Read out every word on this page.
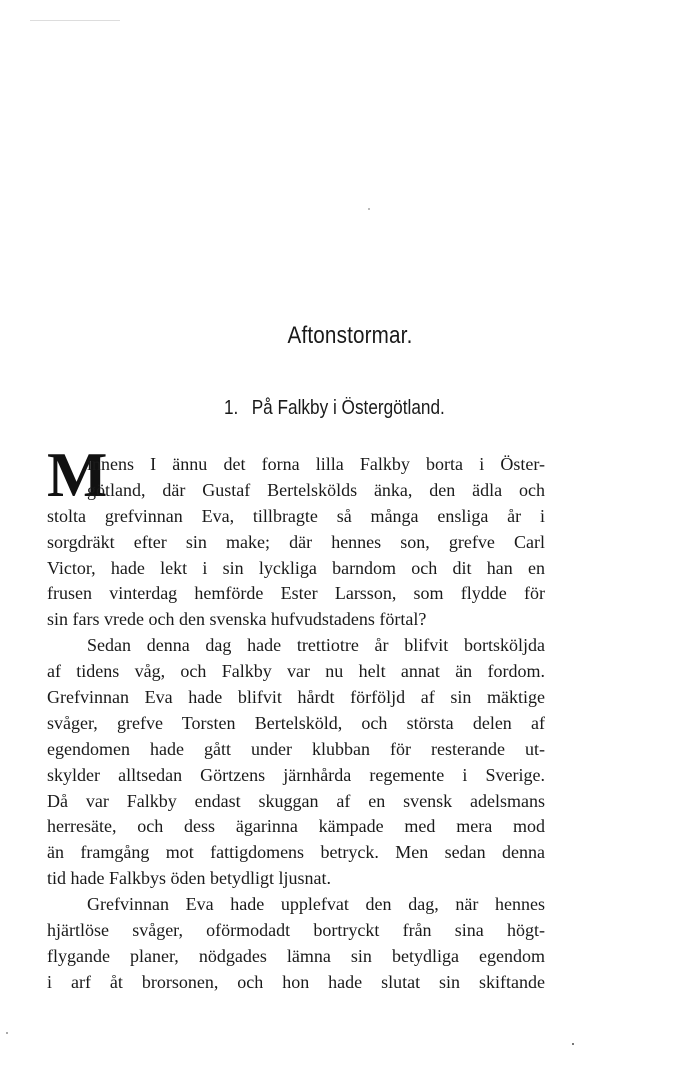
Aftonstormar.
1. På Falkby i Östergötland.
M
innens I ännu det forna lilla Falkby borta i Öster-
götland, där Gustaf Bertelskölds änka, den ädla och
stolta grefvinnan Eva, tillbragte så många ensliga år i
sorgdräkt efter sin make; där hennes son, grefve Carl
Victor, hade lekt i sin lyckliga barndom och dit han en
frusen vinterdag hemförde Ester Larsson, som flydde för
sin fars vrede och den svenska hufvudstadens förtal?
Sedan denna dag hade trettiotre år blifvit bortsköljda
af tidens våg, och Falkby var nu helt annat än fordom.
Grefvinnan Eva hade blifvit hårdt förföljd af sin mäktige
svåger, grefve Torsten Bertelsköld, och största delen af
egendomen hade gått under klubban för resterande ut-
skylder alltsedan Görtzens järnhårda regemente i Sverige.
Då var Falkby endast skuggan af en svensk adelsmans
herresäte, och dess ägarinna kämpade med mera mod
än framgång mot fattigdomens betryck. Men sedan denna
tid hade Falkbys öden betydligt ljusnat.
Grefvinnan Eva hade upplefvat den dag, när hennes
hjärtlöse svåger, oförmodadt bortryckt från sina högt-
flygande planer, nödgades lämna sin betydliga egendom
i arf åt brorsonen, och hon hade slutat sin skiftande
